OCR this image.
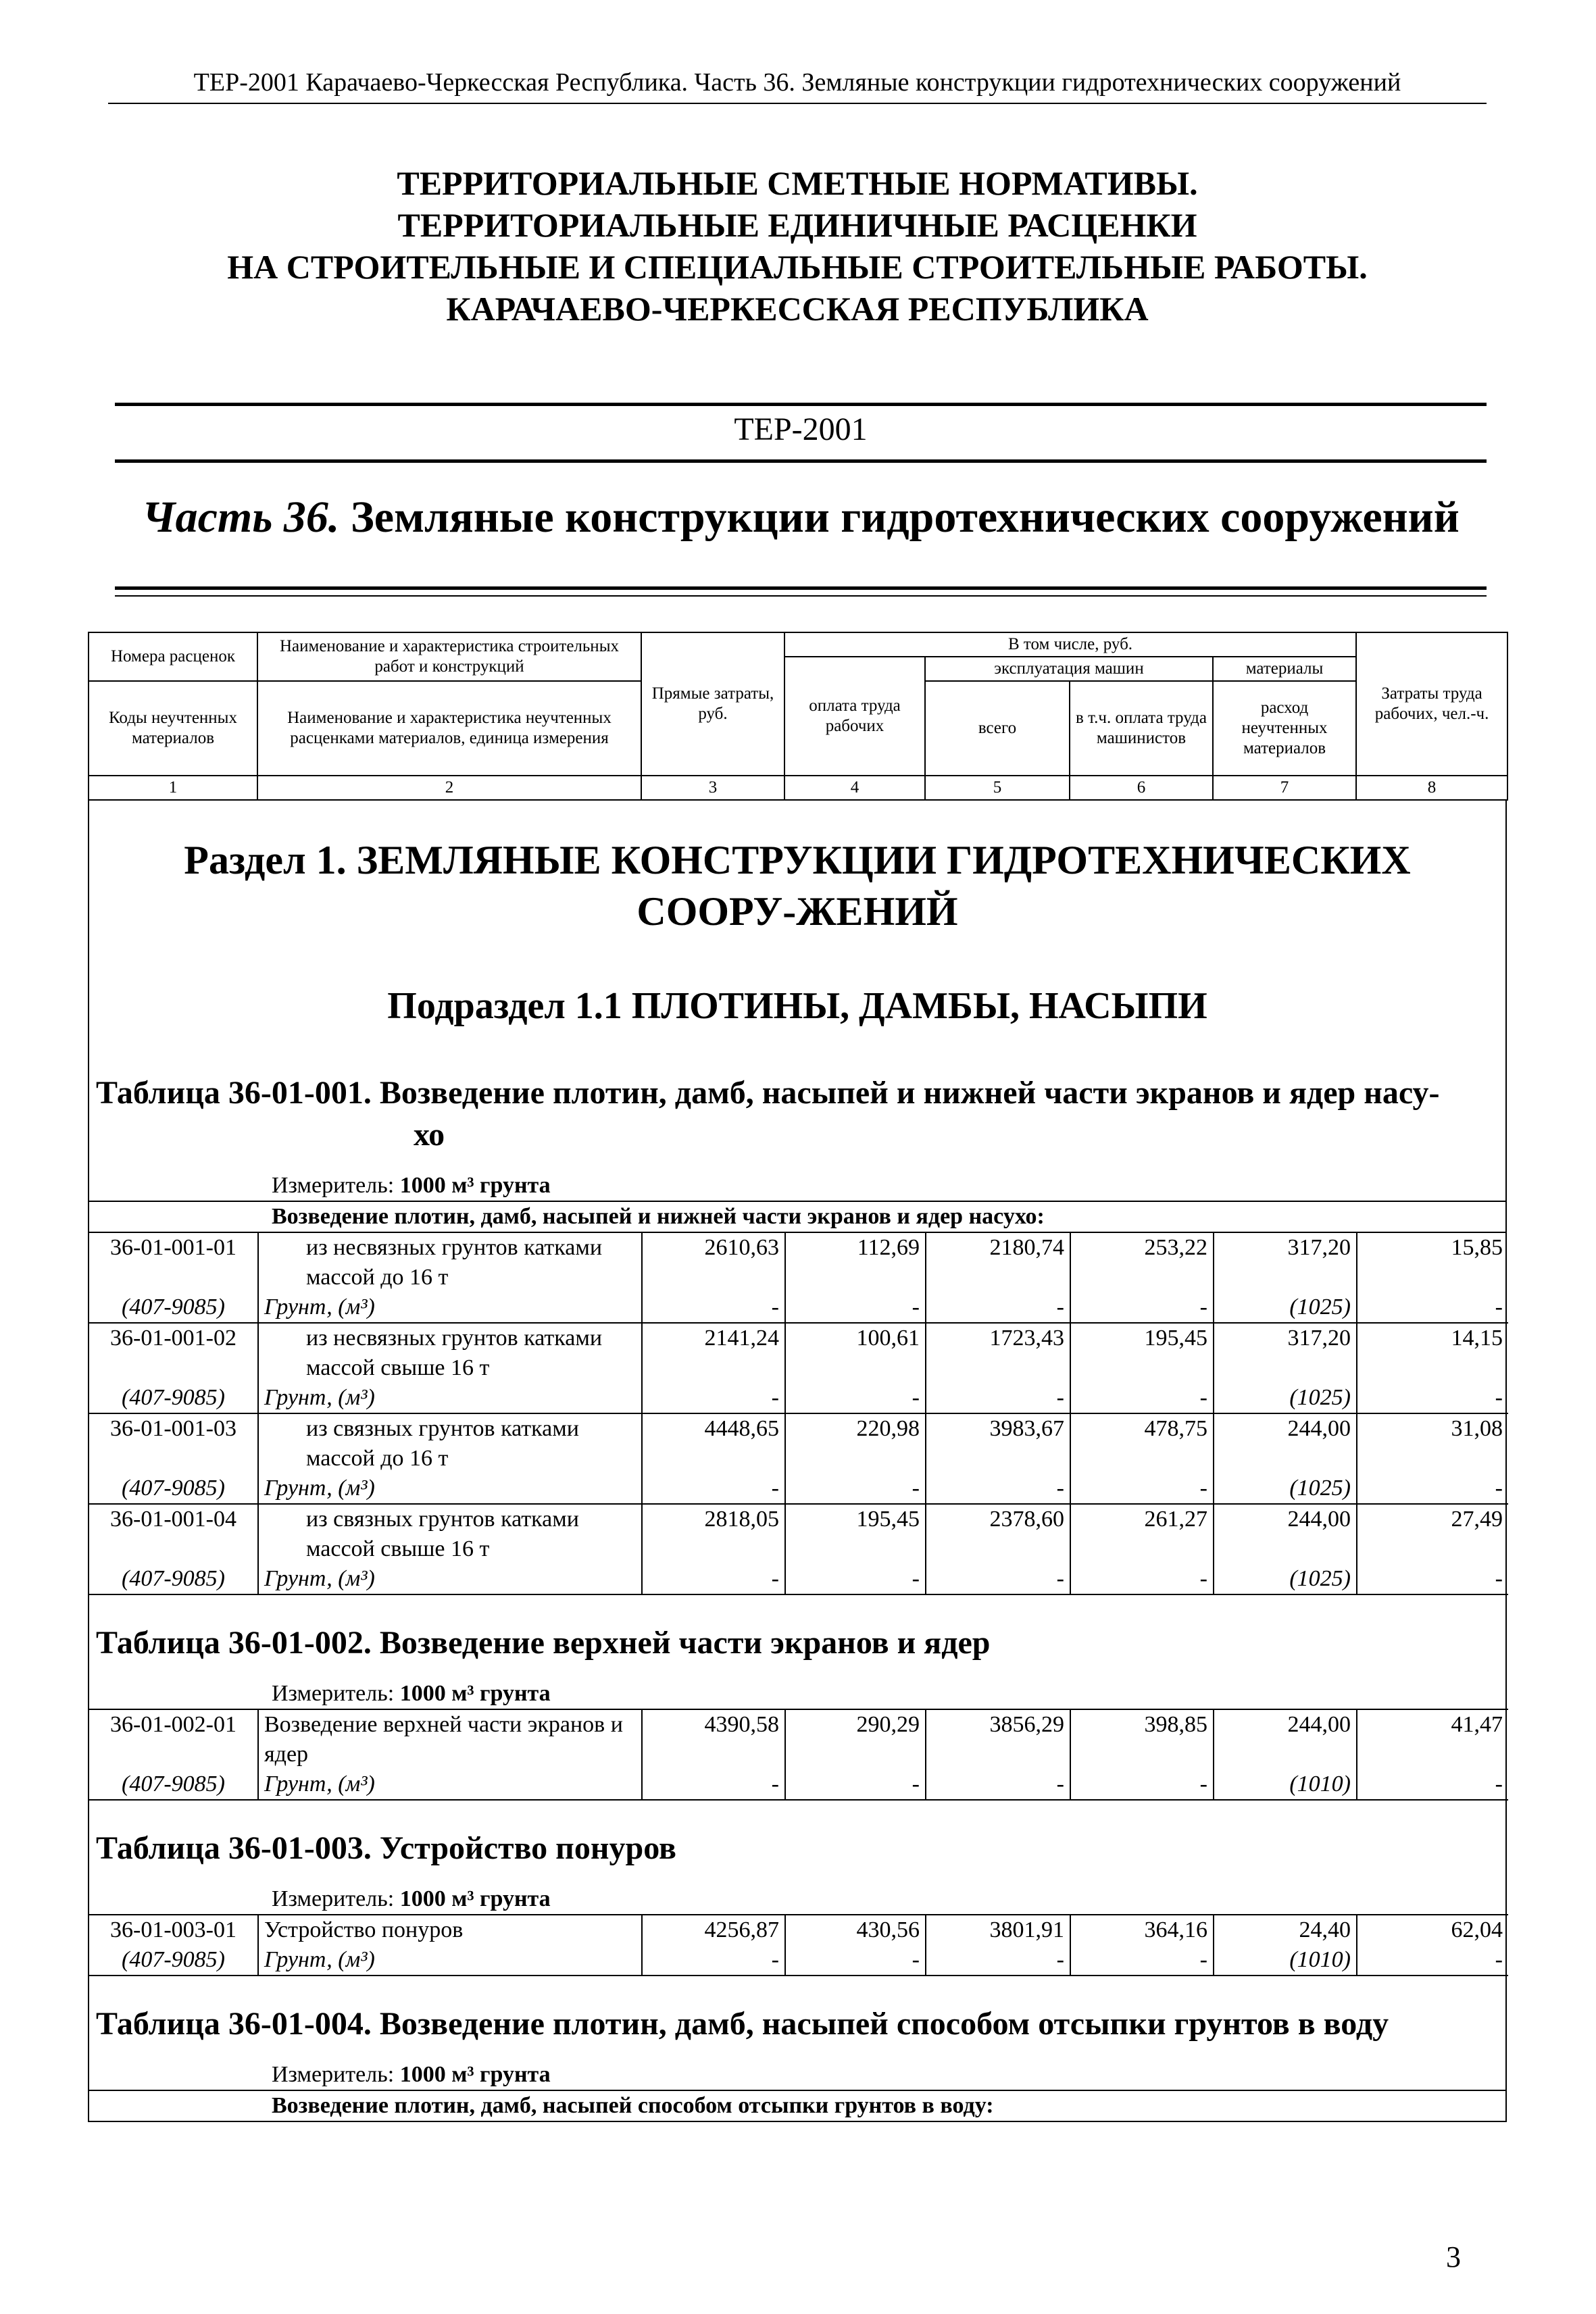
ТЕР-2001 Карачаево-Черкесская Республика. Часть 36. Земляные конструкции гидротехнических сооружений
ТЕРРИТОРИАЛЬНЫЕ СМЕТНЫЕ НОРМАТИВЫ.
ТЕРРИТОРИАЛЬНЫЕ ЕДИНИЧНЫЕ РАСЦЕНКИ
НА СТРОИТЕЛЬНЫЕ И СПЕЦИАЛЬНЫЕ СТРОИТЕЛЬНЫЕ РАБОТЫ.
КАРАЧАЕВО-ЧЕРКЕССКАЯ РЕСПУБЛИКА
ТЕР-2001
Часть 36. Земляные конструкции гидротехнических сооружений
Номера расценок	Наименование и характеристика строительных работ и конструкций	Прямые затраты, руб.	В том числе, руб.				Затраты труда рабочих, чел.-ч.
			оплата труда рабочих	эксплуатация машин		материалы	
Коды неучтенных материалов	Наименование и характеристика неучтенных расценками материалов, единица измерения			всего	в т.ч. оплата труда машинистов	расход неучтенных материалов	

1	2	3	4	5	6	7	8
Раздел 1. ЗЕМЛЯНЫЕ КОНСТРУКЦИИ ГИДРОТЕХНИЧЕСКИХ СООРУ-ЖЕНИЙ
Подраздел 1.1 ПЛОТИНЫ, ДАМБЫ, НАСЫПИ
Таблица 36-01-001. Возведение плотин, дамб, насыпей и нижней части экранов и ядер насу-
хо
Измеритель: 1000 м³ грунта
Возведение плотин, дамб, насыпей и нижней части экранов и ядер насухо:
36-01-001-01	из несвязных грунтов катками массой до 16 т	2610,63	112,69	2180,74	253,22	317,20	15,85
(407-9085)	Грунт, (м³)	-	-	-	-	(1025)	-
36-01-001-02	из несвязных грунтов катками массой свыше 16 т	2141,24	100,61	1723,43	195,45	317,20	14,15
(407-9085)	Грунт, (м³)	-	-	-	-	(1025)	-
36-01-001-03	из связных грунтов катками массой до 16 т	4448,65	220,98	3983,67	478,75	244,00	31,08
(407-9085)	Грунт, (м³)	-	-	-	-	(1025)	-
36-01-001-04	из связных грунтов катками массой свыше 16 т	2818,05	195,45	2378,60	261,27	244,00	27,49
(407-9085)	Грунт, (м³)	-	-	-	-	(1025)	-
Таблица 36-01-002. Возведение верхней части экранов и ядер
Измеритель: 1000 м³ грунта
36-01-002-01	Возведение верхней части экранов и ядер	4390,58	290,29	3856,29	398,85	244,00	41,47
(407-9085)	Грунт, (м³)	-	-	-	-	(1010)	-
Таблица 36-01-003. Устройство понуров
Измеритель: 1000 м³ грунта
36-01-003-01	Устройство понуров	4256,87	430,56	3801,91	364,16	24,40	62,04
(407-9085)	Грунт, (м³)	-	-	-	-	(1010)	-
Таблица 36-01-004. Возведение плотин, дамб, насыпей способом отсыпки грунтов в воду
Измеритель: 1000 м³ грунта
Возведение плотин, дамб, насыпей способом отсыпки грунтов в воду:
3
